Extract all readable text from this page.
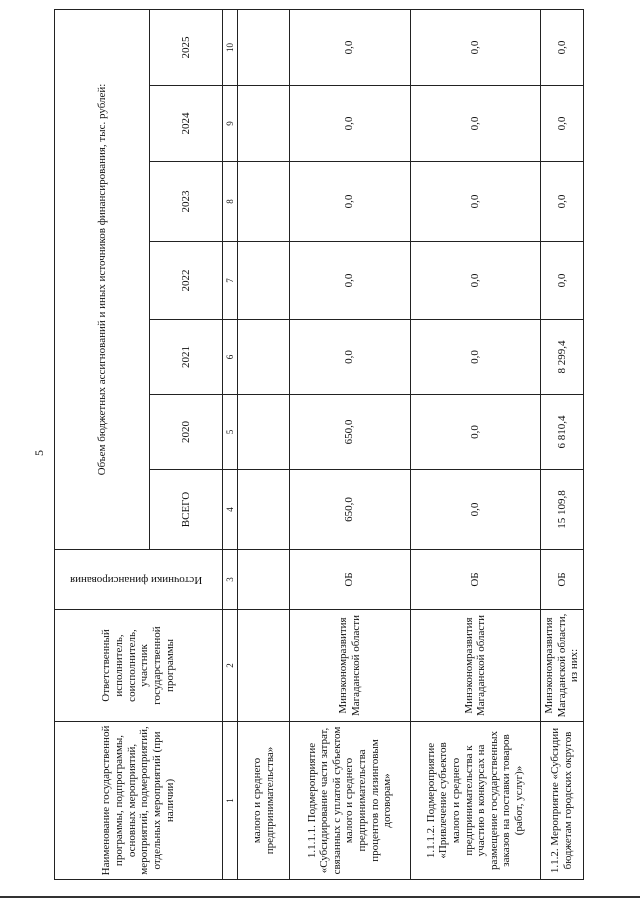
5
Наименование государственной программы, подпрограммы, основных мероприятий, мероприятий, подмероприятий, отдельных мероприятий (при наличии)	Ответственный исполнитель, соисполнитель, участник государственной программы	Источники финансирования	Объем бюджетных ассигнований и иных источников финансирования, тыс. рублей:						
			ВСЕГО	2020	2021	2022	2023	2024	2025
1	2	3	4	5	6	7	8	9	10
малого и среднего предпринимательства»									
1.1.1.1. Подмероприятие «Субсидирование части затрат, связанных с уплатой субъектом малого и среднего предпринимательства процентов по лизинговым договорам»	Минэкономразвития Магаданской области	ОБ	650,0	650,0	0,0	0,0	0,0	0,0	0,0
1.1.1.2. Подмероприятие «Привлечение субъектов малого и среднего предпринимательства к участию в конкурсах на размещение государственных заказов на поставки товаров (работ, услуг)»	Минэкономразвития Магаданской области	ОБ	0,0	0,0	0,0	0,0	0,0	0,0	0,0
1.1.2. Мероприятие «Субсидии бюджетам городских округов	Минэкономразвития Магаданской области, из них:	ОБ	15 109,8	6 810,4	8 299,4	0,0	0,0	0,0	0,0
